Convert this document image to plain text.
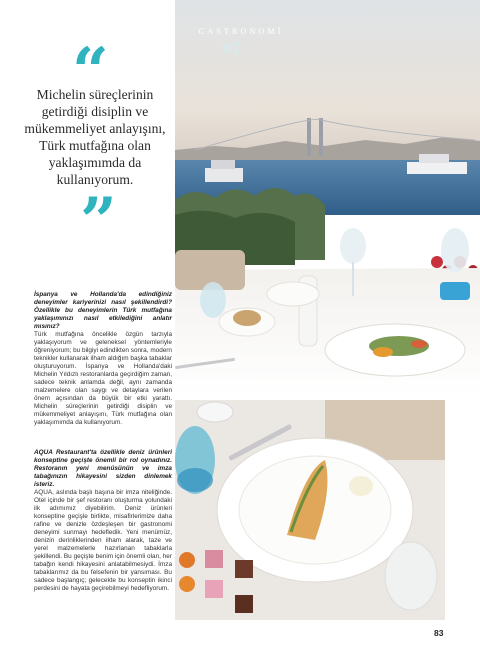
“
Michelin süreçlerinin getirdiği disiplin ve mükemmeliyet anlayışını, Türk mutfağına olan yaklaşımımda da kullanıyorum.
”
İspanya ve Hollanda'da edindiğiniz deneyimler kariyerinizi nasıl şekillendirdi? Özellikle bu deneyimlerin Türk mutfağına yaklaşımınızı nasıl etkilediğini anlatır mısınız?
Türk mutfağına öncelikle özgün tarzıyla yaklaşıyorum ve geleneksel yöntemleriyle öğreniyorum; bu bilgiyi edindikten sonra, modern teknikler kullanarak ilham aldığım başka tabaklar oluşturuyorum. İspanya ve Hollanda'daki Michelin Yıldızlı restoranlarda geçirdiğim zaman, sadece teknik anlamda değil, aynı zamanda malzemelere olan saygı ve detaylara verilen önem açısından da büyük bir etki yarattı. Michelin süreçlerinin getirdiği disiplin ve mükemmeliyet anlayışını, Türk mutfağına olan yaklaşımımda da kullanıyorum.
AQUA Restaurant'ta özellikle deniz ürünleri konseptine geçişte önemli bir rol oynadınız. Restoranın yeni menüsünün ve imza tabağınızın hikayesini sizden dinlemek isteriz.
AQUA, aslında başlı başına bir imza niteliğinde. Otel içinde bir şef restoranı oluşturma yolundaki ilk adımımız diyebilirim. Deniz ürünleri konseptine geçişle birlikte, misafirlerimize daha rafine ve denizle özdeşleşen bir gastronomi deneyimi sunmayı hedefledik. Yeni menümüz, denizin derinliklerinden ilham alarak, taze ve yerel malzemelerle hazırlanan tabaklarla şekillendi. Bu geçişte benim için önemli olan, her tabağın kendi hikayesini anlatabilmesiydi. İmza tabaklarımız da bu felsefenin bir yansıması. Bu sadece başlangıç; gelecekte bu konseptin ikinci perdesini de hayata geçirebilmeyi hedefliyorum.
GASTRONOMİ
şef
83
